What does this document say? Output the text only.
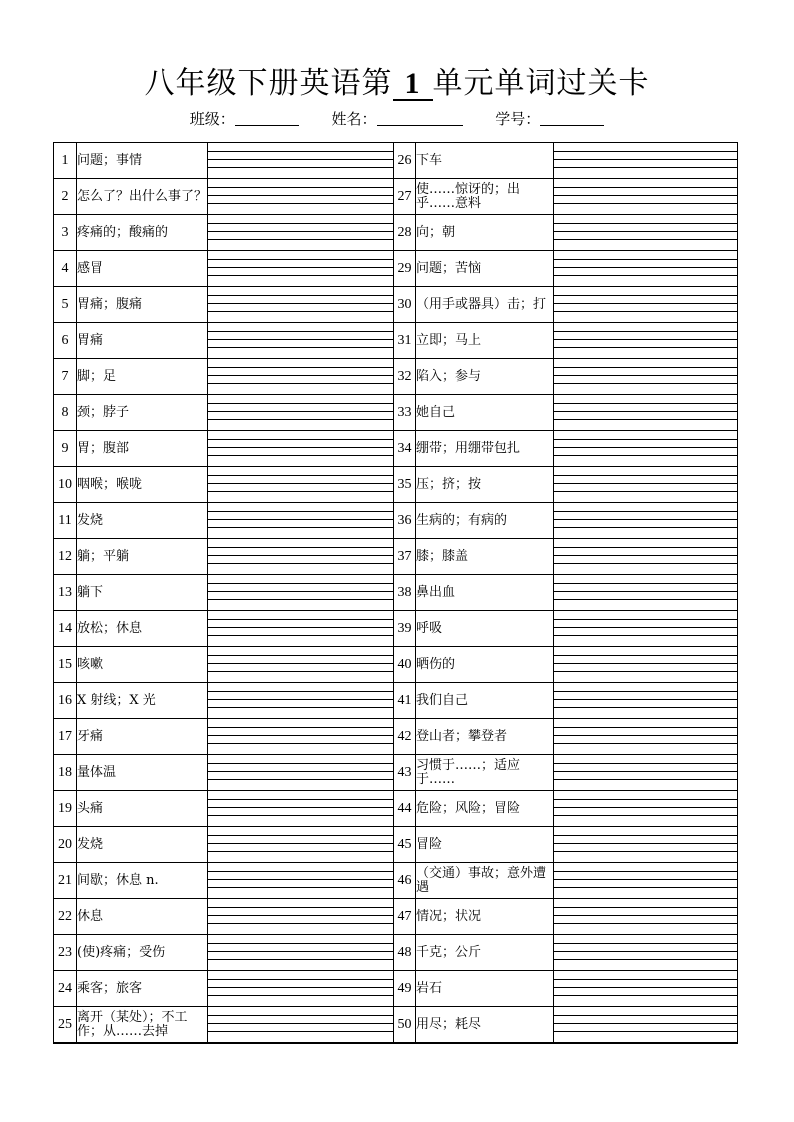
八年级下册英语第 1 单元单词过关卡
班级：	姓名：	学号：
1	问题；事情		26	下车	

2	怎么了？出什么事了？		27	使……惊讶的；出乎……意料	

3	疼痛的；酸痛的		28	向；朝	

4	感冒		29	问题；苦恼	

5	胃痛；腹痛		30	（用手或器具）击；打	

6	胃痛		31	立即；马上	

7	脚；足		32	陷入；参与	

8	颈；脖子		33	她自己	

9	胃；腹部		34	绷带；用绷带包扎	

10	咽喉；喉咙		35	压；挤；按	

11	发烧		36	生病的；有病的	

12	躺；平躺		37	膝；膝盖	

13	躺下		38	鼻出血	

14	放松；休息		39	呼吸	

15	咳嗽		40	晒伤的	

16	X 射线；X 光		41	我们自己	

17	牙痛		42	登山者；攀登者	

18	量体温		43	习惯于……；适应于……	

19	头痛		44	危险；风险；冒险	

20	发烧		45	冒险	

21	间歇；休息 n.		46	（交通）事故；意外遭遇	

22	休息		47	情况；状况	

23	(使)疼痛；受伤		48	千克；公斤	

24	乘客；旅客		49	岩石	

25	离开（某处）；不工作；从……去掉		50	用尽；耗尽	
